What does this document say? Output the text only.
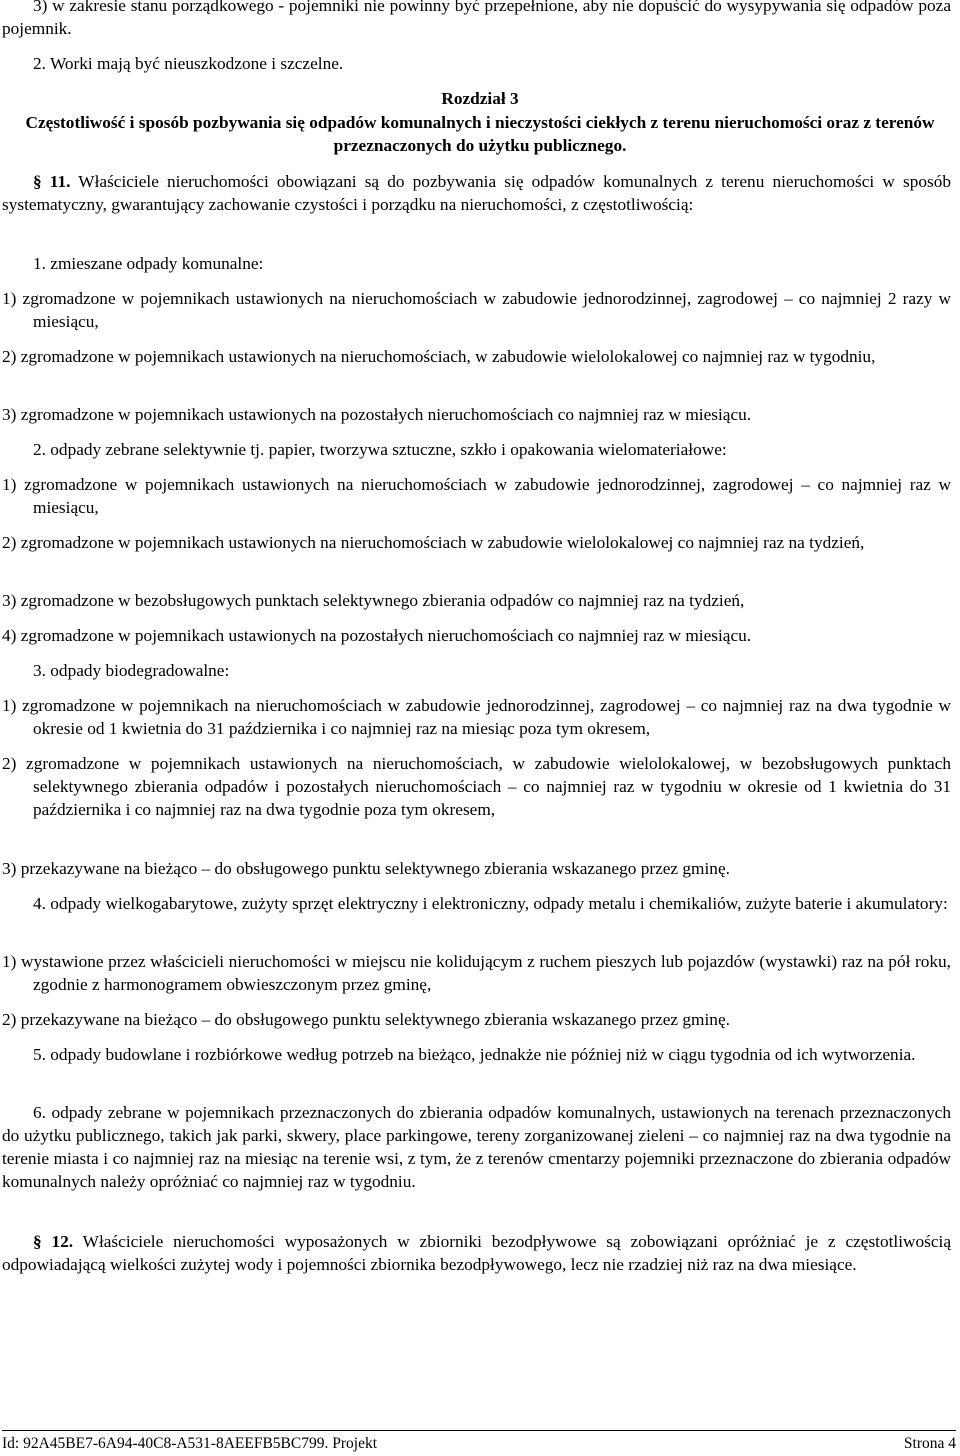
3) w zakresie stanu porządkowego - pojemniki nie powinny być przepełnione, aby nie dopuścić do wysypywania się odpadów poza pojemnik.

2. Worki mają być nieuszkodzone i szczelne.

Rozdział 3

Częstotliwość i sposób pozbywania się odpadów komunalnych i nieczystości ciekłych z terenu nieruchomości oraz z terenów przeznaczonych do użytku publicznego.

§ 11. Właściciele nieruchomości obowiązani są do pozbywania się odpadów komunalnych z terenu nieruchomości w sposób systematyczny, gwarantujący zachowanie czystości i porządku na nieruchomości, z częstotliwością:

1. zmieszane odpady komunalne:

1) zgromadzone w pojemnikach ustawionych na nieruchomościach w zabudowie jednorodzinnej, zagrodowej – co najmniej 2 razy w miesiącu,

2) zgromadzone w pojemnikach ustawionych na nieruchomościach, w zabudowie wielolokalowej co najmniej raz w tygodniu,

3) zgromadzone w pojemnikach ustawionych na pozostałych nieruchomościach co najmniej raz w miesiącu.

2. odpady zebrane selektywnie tj. papier, tworzywa sztuczne, szkło i opakowania wielomateriałowe:

1) zgromadzone w pojemnikach ustawionych na nieruchomościach w zabudowie jednorodzinnej, zagrodowej – co najmniej raz w miesiącu,

2) zgromadzone w pojemnikach ustawionych na nieruchomościach w zabudowie wielolokalowej co najmniej raz na tydzień,

3) zgromadzone w bezobsługowych punktach selektywnego zbierania odpadów co najmniej raz na tydzień,

4) zgromadzone w pojemnikach ustawionych na pozostałych nieruchomościach co najmniej raz w miesiącu.

3. odpady biodegradowalne:

1) zgromadzone w pojemnikach na nieruchomościach w zabudowie jednorodzinnej, zagrodowej – co najmniej raz na dwa tygodnie w okresie od 1 kwietnia do 31 października i co najmniej raz na miesiąc poza tym okresem,

2) zgromadzone w pojemnikach ustawionych na nieruchomościach, w zabudowie wielolokalowej, w bezobsługowych punktach selektywnego zbierania odpadów i pozostałych nieruchomościach – co najmniej raz w tygodniu w okresie od 1 kwietnia do 31 października i co najmniej raz na dwa tygodnie poza tym okresem,

3) przekazywane na bieżąco – do obsługowego punktu selektywnego zbierania wskazanego przez gminę.

4. odpady wielkogabarytowe, zużyty sprzęt elektryczny i elektroniczny, odpady metalu i chemikaliów, zużyte baterie i akumulatory:

1) wystawione przez właścicieli nieruchomości w miejscu nie kolidującym z ruchem pieszych lub pojazdów (wystawki) raz na pół roku, zgodnie z harmonogramem obwieszczonym przez gminę,

2) przekazywane na bieżąco – do obsługowego punktu selektywnego zbierania wskazanego przez gminę.

5. odpady budowlane i rozbiórkowe według potrzeb na bieżąco, jednakże nie później niż w ciągu tygodnia od ich wytworzenia.

6. odpady zebrane w pojemnikach przeznaczonych do zbierania odpadów komunalnych, ustawionych na terenach przeznaczonych do użytku publicznego, takich jak parki, skwery, place parkingowe, tereny zorganizowanej zieleni – co najmniej raz na dwa tygodnie na terenie miasta i co najmniej raz na miesiąc na terenie wsi, z tym, że z terenów cmentarzy pojemniki przeznaczone do zbierania odpadów komunalnych należy opróżniać co najmniej raz w tygodniu.

§ 12. Właściciele nieruchomości wyposażonych w zbiorniki bezodpływowe są zobowiązani opróżniać je z częstotliwością odpowiadającą wielkości zużytej wody i pojemności zbiornika bezodpływowego, lecz nie rzadziej niż raz na dwa miesiące.

Id: 92A45BE7-6A94-40C8-A531-8AEEFB5BC799. Projekt	Strona 4
